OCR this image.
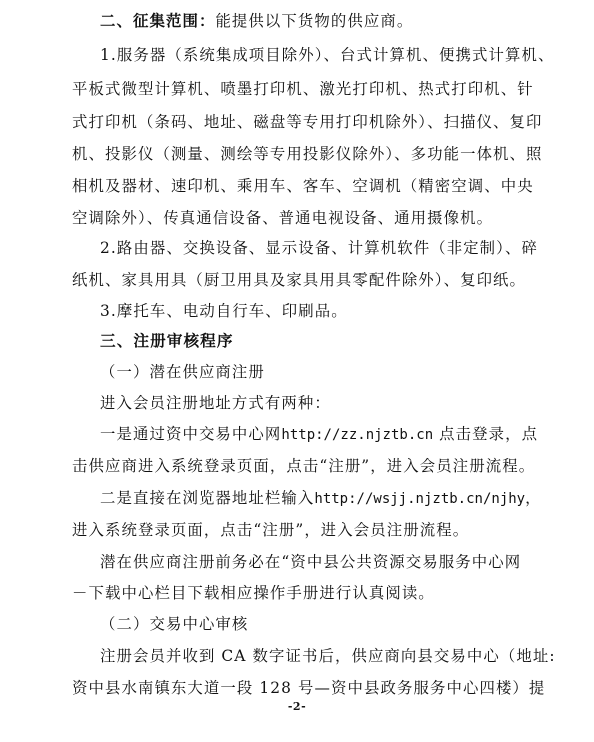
二、征集范围：能提供以下货物的供应商。
1.服务器（系统集成项目除外）、台式计算机、便携式计算机、
平板式微型计算机、喷墨打印机、激光打印机、热式打印机、针
式打印机（条码、地址、磁盘等专用打印机除外）、扫描仪、复印
机、投影仪（测量、测绘等专用投影仪除外）、多功能一体机、照
相机及器材、速印机、乘用车、客车、空调机（精密空调、中央
空调除外）、传真通信设备、普通电视设备、通用摄像机。
2.路由器、交换设备、显示设备、计算机软件（非定制）、碎
纸机、家具用具（厨卫用具及家具用具零配件除外）、复印纸。
3.摩托车、电动自行车、印刷品。
三、注册审核程序
（一）潜在供应商注册
进入会员注册地址方式有两种：
一是通过资中交易中心网http://zz.njztb.cn 点击登录，点
击供应商进入系统登录页面，点击“注册”，进入会员注册流程。
二是直接在浏览器地址栏输入http://wsjj.njztb.cn/njhy，
进入系统登录页面，点击“注册”，进入会员注册流程。
潜在供应商注册前务必在“资中县公共资源交易服务中心网
－下载中心栏目下载相应操作手册进行认真阅读。
（二）交易中心审核
注册会员并收到 CA 数字证书后，供应商向县交易中心（地址:
资中县水南镇东大道一段 128 号—资中县政务服务中心四楼）提
-2-
